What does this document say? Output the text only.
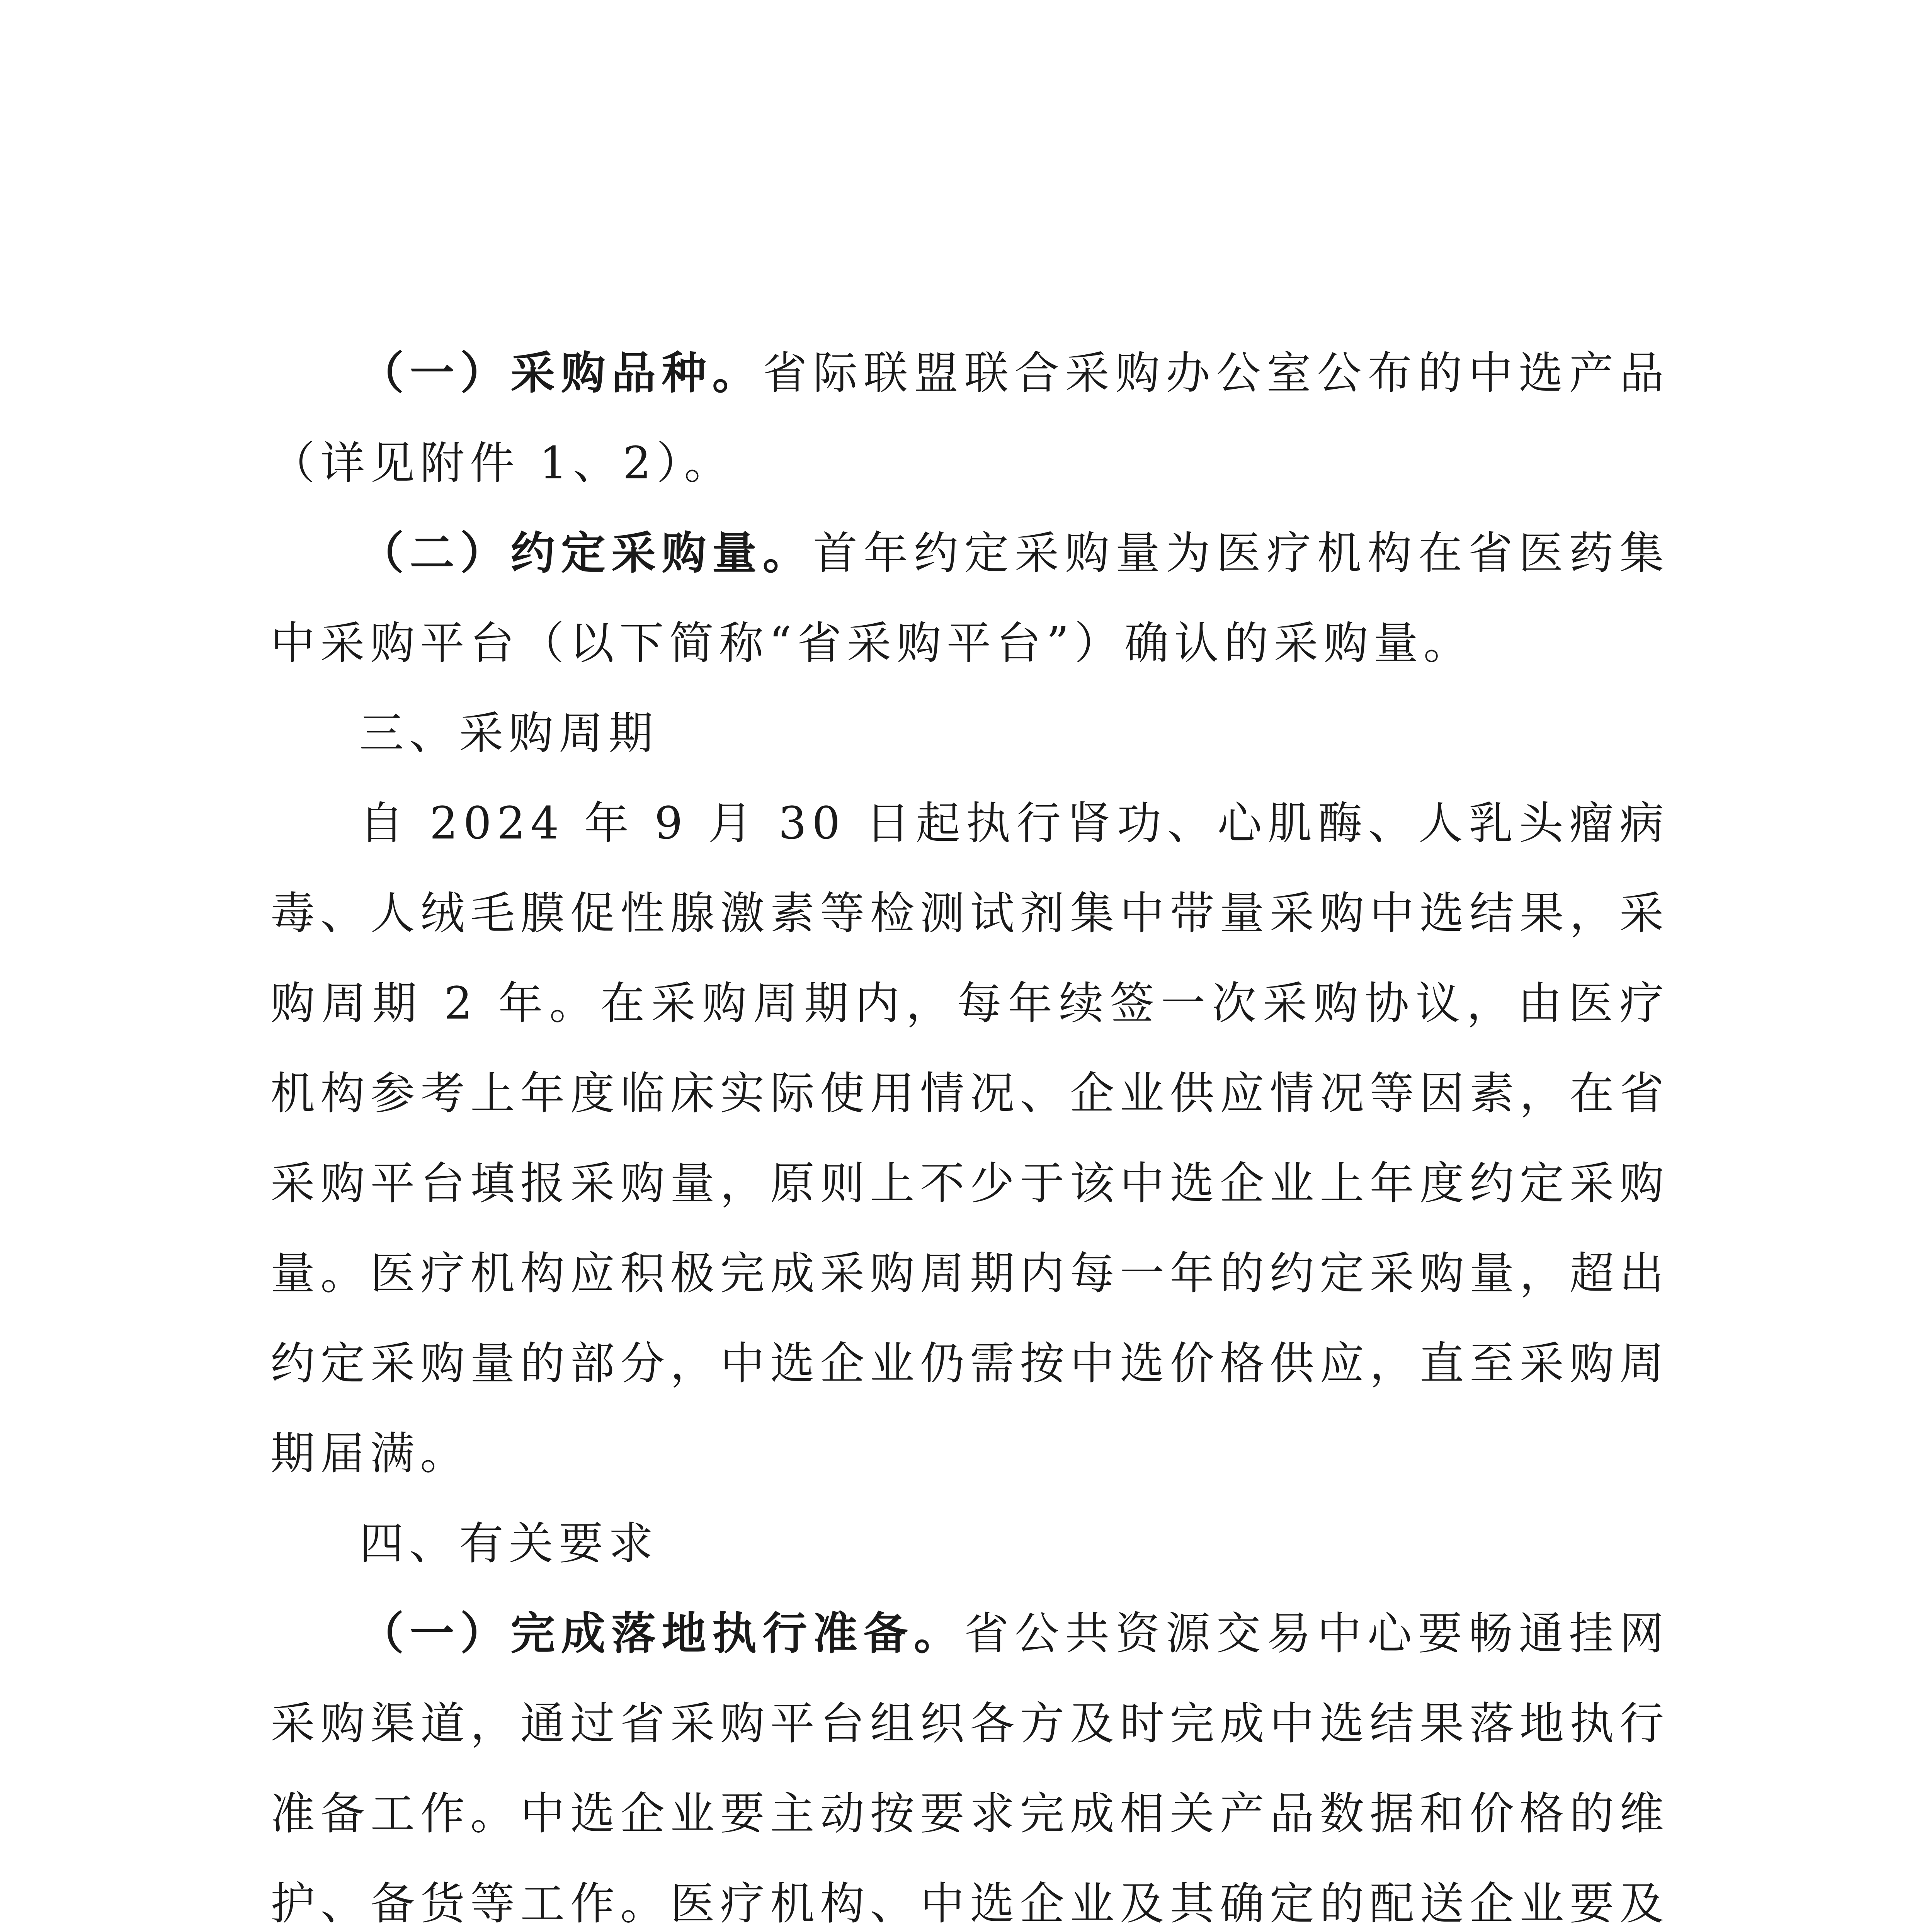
（一）采购品种。省际联盟联合采购办公室公布的中选产品（详见附件 1、2）。

（二）约定采购量。首年约定采购量为医疗机构在省医药集中采购平台（以下简称“省采购平台”）确认的采购量。

三、采购周期

自 2024 年 9 月 30 日起执行肾功、心肌酶、人乳头瘤病毒、人绒毛膜促性腺激素等检测试剂集中带量采购中选结果，采购周期 2 年。在采购周期内，每年续签一次采购协议，由医疗机构参考上年度临床实际使用情况、企业供应情况等因素，在省采购平台填报采购量，原则上不少于该中选企业上年度约定采购量。医疗机构应积极完成采购周期内每一年的约定采购量，超出约定采购量的部分，中选企业仍需按中选价格供应，直至采购周期届满。

四、有关要求

（一）完成落地执行准备。省公共资源交易中心要畅通挂网采购渠道，通过省采购平台组织各方及时完成中选结果落地执行准备工作。中选企业要主动按要求完成相关产品数据和价格的维护、备货等工作。医疗机构、中选企业及其确定的配送企业要及
